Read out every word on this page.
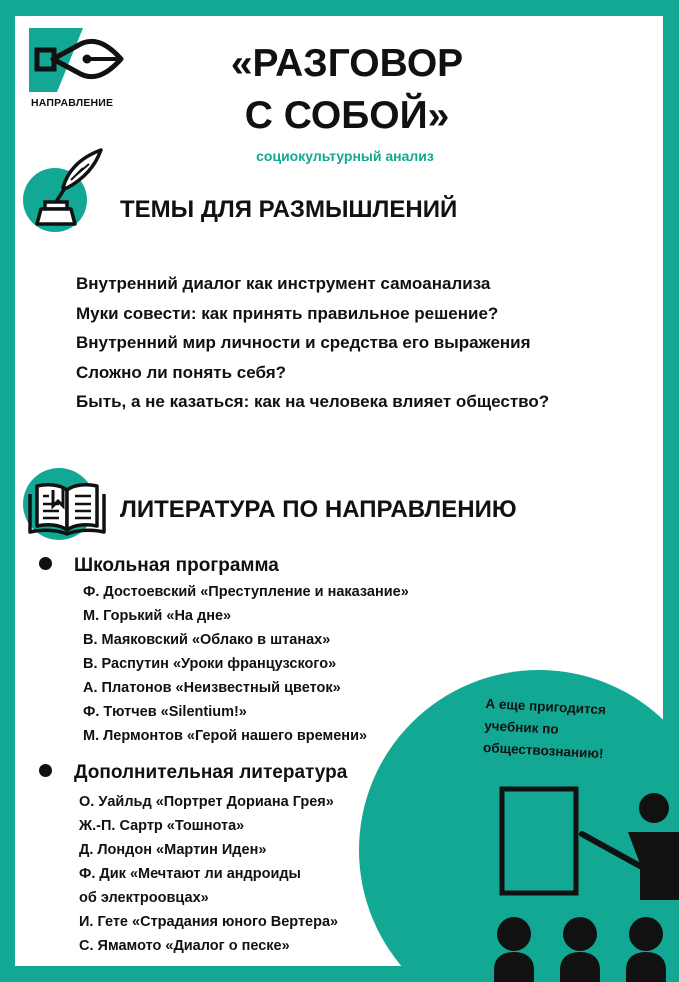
НАПРАВЛЕНИЕ
«РАЗГОВОР
С СОБОЙ»
социокультурный анализ
ТЕМЫ ДЛЯ РАЗМЫШЛЕНИЙ
Внутренний диалог как инструмент самоанализа
Муки совести: как принять правильное решение?
Внутренний мир личности и средства его выражения
Сложно ли понять себя?
Быть, а не казаться: как на человека влияет общество?
ЛИТЕРАТУРА ПО НАПРАВЛЕНИЮ
Школьная программа
Ф. Достоевский «Преступление и наказание»
М. Горький «На дне»
В. Маяковский «Облако в штанах»
В. Распутин «Уроки французского»
А. Платонов «Неизвестный цветок»
Ф. Тютчев «Silentium!»
М. Лермонтов «Герой нашего времени»
Дополнительная литература
О. Уайльд «Портрет Дориана Грея»
Ж.-П. Сартр «Тошнота»
Д. Лондон «Мартин Иден»
Ф. Дик «Мечтают ли андроиды
об электроовцах»
И. Гете «Страдания юного Вертера»
С. Ямамото «Диалог о песке»
А еще пригодится
учебник по
обществознанию!
